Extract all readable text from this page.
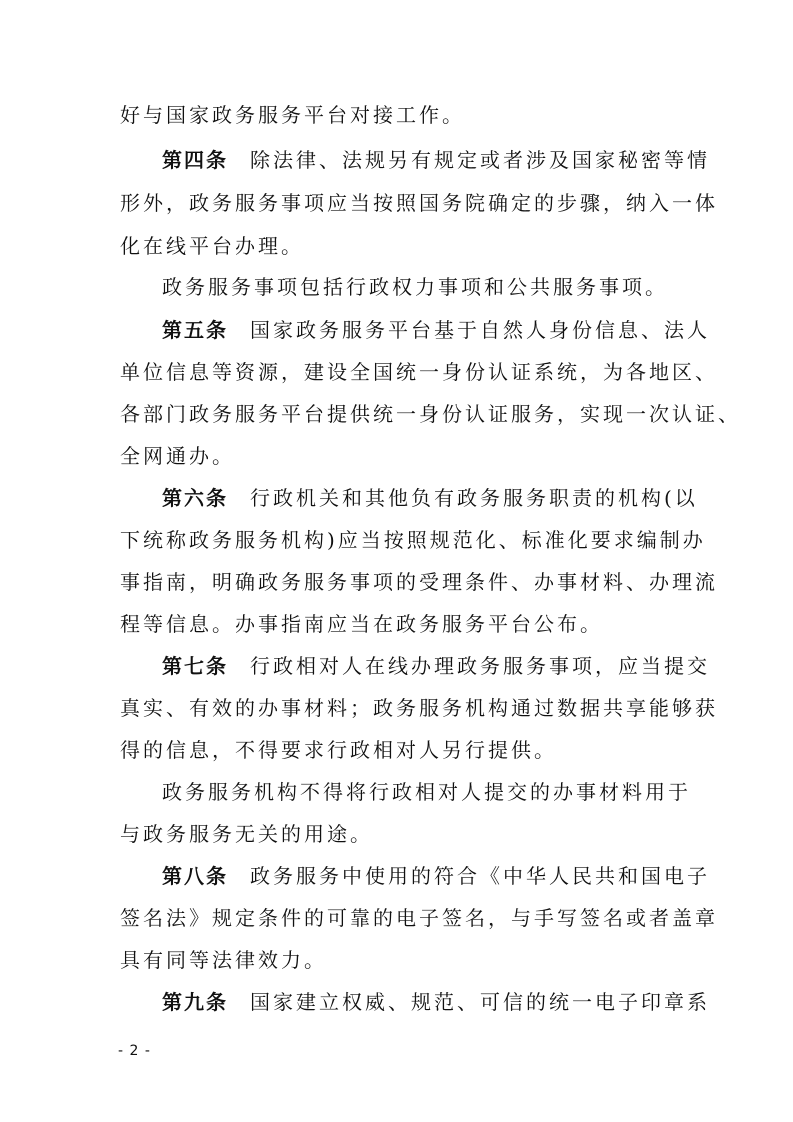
好与国家政务服务平台对接工作。
第四条 除法律、法规另有规定或者涉及国家秘密等情
形外，政务服务事项应当按照国务院确定的步骤，纳入一体
化在线平台办理。
政务服务事项包括行政权力事项和公共服务事项。
第五条 国家政务服务平台基于自然人身份信息、法人
单位信息等资源，建设全国统一身份认证系统，为各地区、
各部门政务服务平台提供统一身份认证服务，实现一次认证、
全网通办。
第六条 行政机关和其他负有政务服务职责的机构(以
下统称政务服务机构)应当按照规范化、标准化要求编制办
事指南，明确政务服务事项的受理条件、办事材料、办理流
程等信息。办事指南应当在政务服务平台公布。
第七条 行政相对人在线办理政务服务事项，应当提交
真实、有效的办事材料；政务服务机构通过数据共享能够获
得的信息，不得要求行政相对人另行提供。
政务服务机构不得将行政相对人提交的办事材料用于
与政务服务无关的用途。
第八条 政务服务中使用的符合《中华人民共和国电子
签名法》规定条件的可靠的电子签名，与手写签名或者盖章
具有同等法律效力。
第九条 国家建立权威、规范、可信的统一电子印章系
- 2 -
